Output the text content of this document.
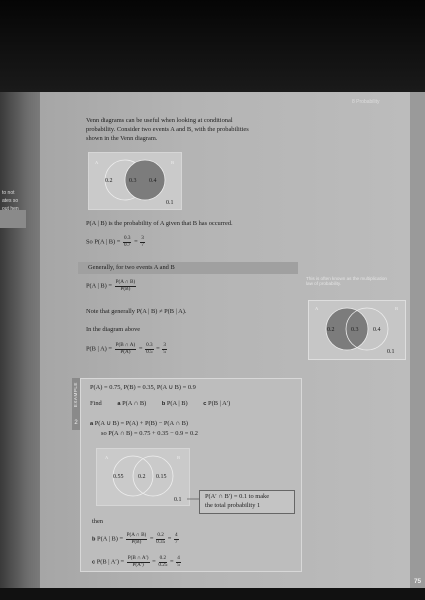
to not
ates so
out hen
8 Probability
Venn diagrams can be useful when looking at conditional
probability. Consider two events A and B, with the probabilities
shown in the Venn diagram.
A	B
0.2	0.3 0.4
0.1
P(A | B) is the probability of A given that B has occurred.
So P(A | $B) = \frac{0.3}{0.7} = \frac{3}{7}$
Generally, for two events A and B
P(A | $B) = \frac{P(A \cap B)}{P(B)}$
This is often known as the multiplication law of probability.
Note that generally P(A | B) ≠ P(B | A).
In the diagram above
P(B | $A) = \frac{P(B \cap A)}{P(A)} = \frac{0.3}{0.5} = \frac{3}{5}$
A	B
0.2	0.3 0.4
0.1
EXAMPLE
2
P(A) = 0.75, P(B) = 0.35, P(A ∪ B) = 0.9
Find	a P(A ∩ B)	b P(A | B)	c P(B | A′)
a P(A ∪ B) = P(A) + P(B) − P(A ∩ B)
so P(A ∩ B) = 0.75 + 0.35 − 0.9 = 0.2
A	B
0.55 0.2 0.15
0.1	P(A′ ∩ B′) = 0.1 to make
the total probability 1
then
b P(A | $B) = \frac{P(A \cap B)}{P(B)} = \frac{0.2}{0.35} = \frac{4}{7}$
c P(B | $A') = \frac{P(B \cap A')}{P(A')} = \frac{0.2}{0.25} = \frac{4}{5}$
75
